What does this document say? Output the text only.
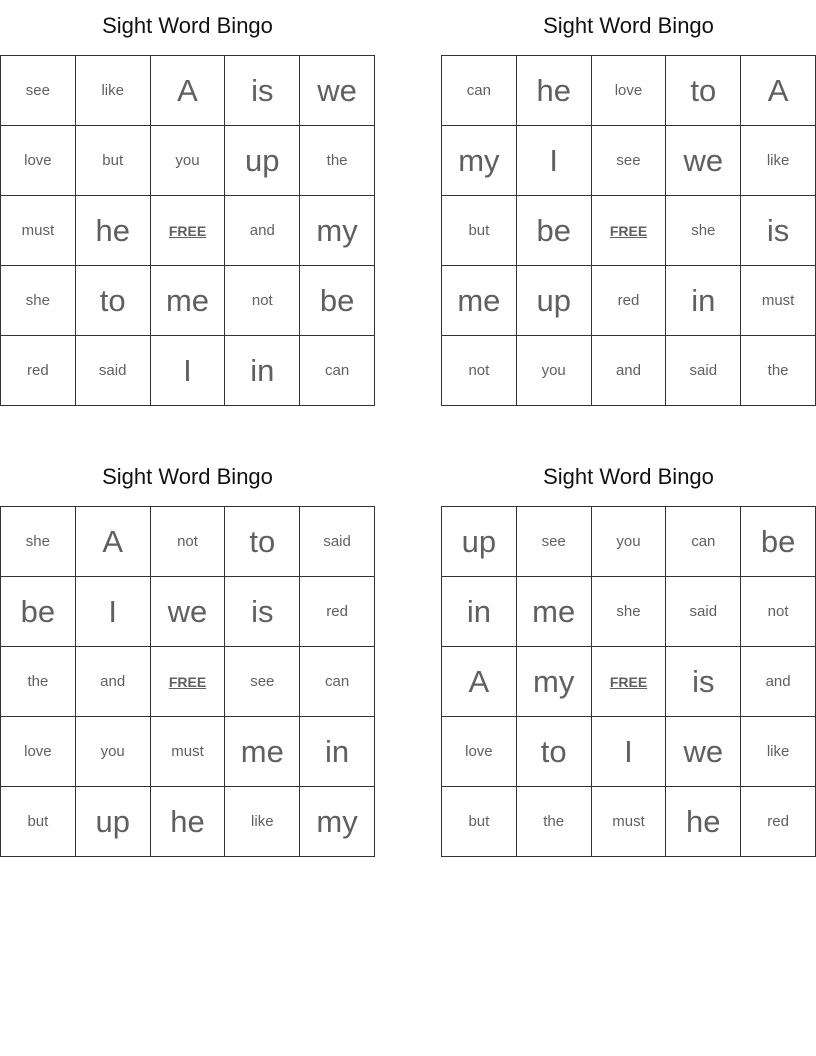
Sight Word Bingo
see	like	A	is	we
love	but	you	up	the
must	he	FREE	and	my
she	to	me	not	be
red	said	I	in	can
Sight Word Bingo
can	he	love	to	A
my	I	see	we	like
but	be	FREE	she	is
me	up	red	in	must
not	you	and	said	the
Sight Word Bingo
she	A	not	to	said
be	I	we	is	red
the	and	FREE	see	can
love	you	must	me	in
but	up	he	like	my
Sight Word Bingo
up	see	you	can	be
in	me	she	said	not
A	my	FREE	is	and
love	to	I	we	like
but	the	must	he	red
